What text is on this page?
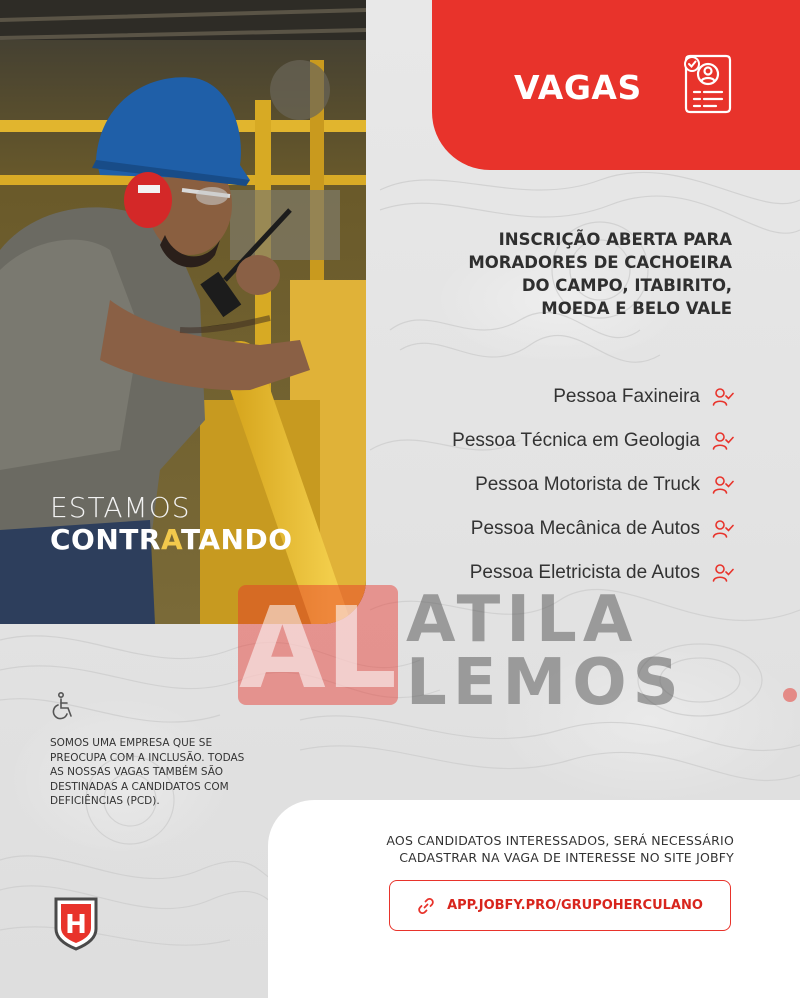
ESTAMOS
CONTRATANDO
VAGAS
INSCRIÇÃO ABERTA PARA
MORADORES DE CACHOEIRA
DO CAMPO, ITABIRITO,
MOEDA E BELO VALE
Pessoa Faxineira
Pessoa Técnica em Geologia
Pessoa Motorista de Truck
Pessoa Mecânica de Autos
Pessoa Eletricista de Autos
AL ATILA
LEMOS
SOMOS UMA EMPRESA QUE SE PREOCUPA COM A INCLUSÃO. TODAS AS NOSSAS VAGAS TAMBÉM SÃO DESTINADAS A CANDIDATOS COM DEFICIÊNCIAS (PCD).
H
AOS CANDIDATOS INTERESSADOS, SERÁ NECESSÁRIO
CADASTRAR NA VAGA DE INTERESSE NO SITE JOBFY
APP.JOBFY.PRO/GRUPOHERCULANO
